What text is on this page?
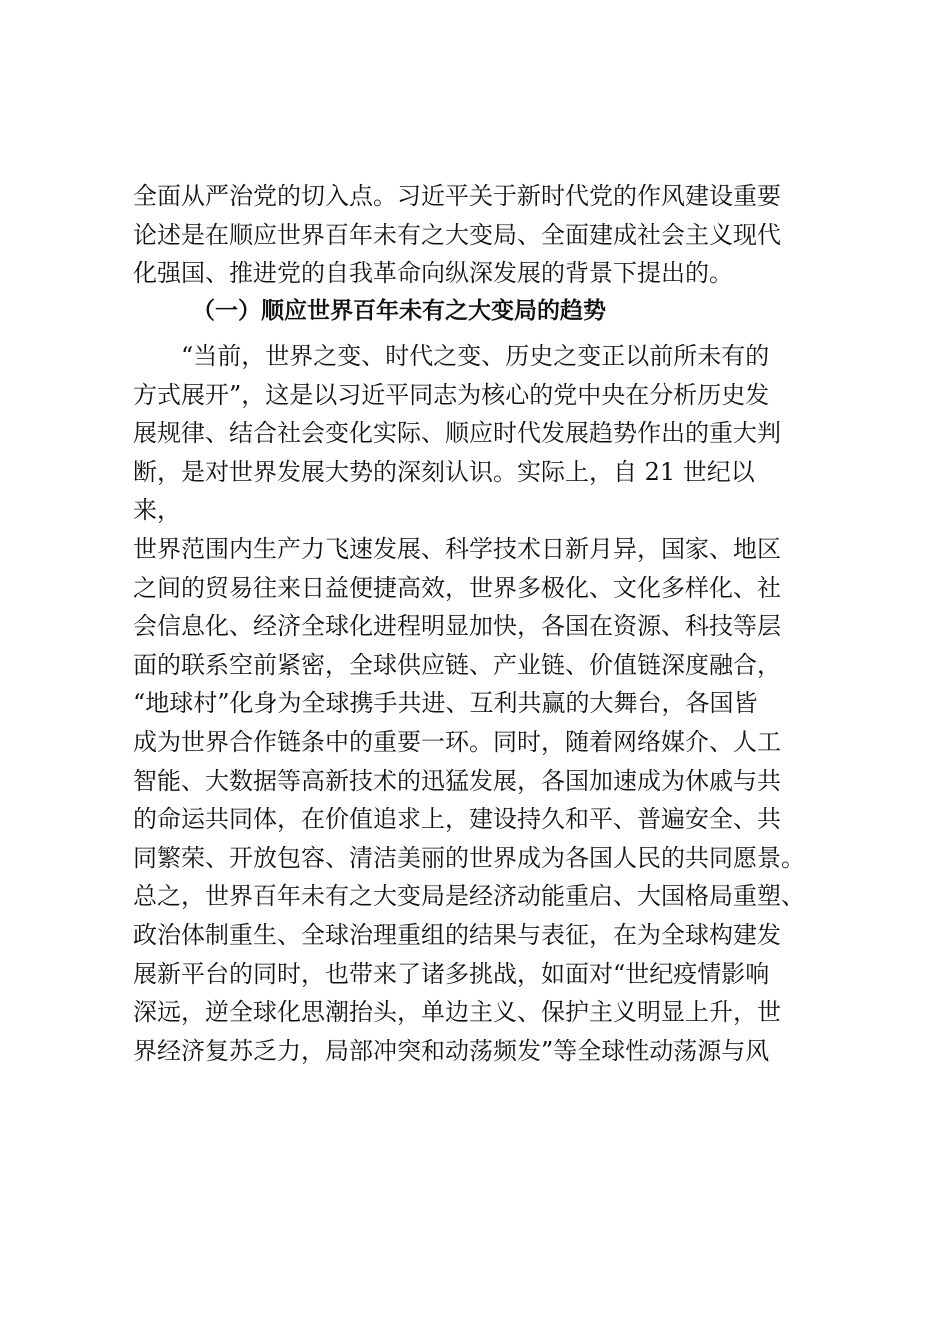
全面从严治党的切入点。习近平关于新时代党的作风建设重要
论述是在顺应世界百年未有之大变局、全面建成社会主义现代
化强国、推进党的自我革命向纵深发展的背景下提出的。
（一）顺应世界百年未有之大变局的趋势
“当前，世界之变、时代之变、历史之变正以前所未有的
方式展开”，这是以习近平同志为核心的党中央在分析历史发
展规律、结合社会变化实际、顺应时代发展趋势作出的重大判
断，是对世界发展大势的深刻认识。实际上，自 21 世纪以
来，
世界范围内生产力飞速发展、科学技术日新月异，国家、地区
之间的贸易往来日益便捷高效，世界多极化、文化多样化、社
会信息化、经济全球化进程明显加快，各国在资源、科技等层
面的联系空前紧密，全球供应链、产业链、价值链深度融合，
“地球村”化身为全球携手共进、互利共赢的大舞台，各国皆
成为世界合作链条中的重要一环。同时，随着网络媒介、人工
智能、大数据等高新技术的迅猛发展，各国加速成为休戚与共
的命运共同体，在价值追求上，建设持久和平、普遍安全、共
同繁荣、开放包容、清洁美丽的世界成为各国人民的共同愿景。
总之，世界百年未有之大变局是经济动能重启、大国格局重塑、
政治体制重生、全球治理重组的结果与表征，在为全球构建发
展新平台的同时，也带来了诸多挑战，如面对“世纪疫情影响
深远，逆全球化思潮抬头，单边主义、保护主义明显上升，世
界经济复苏乏力，局部冲突和动荡频发”等全球性动荡源与风
